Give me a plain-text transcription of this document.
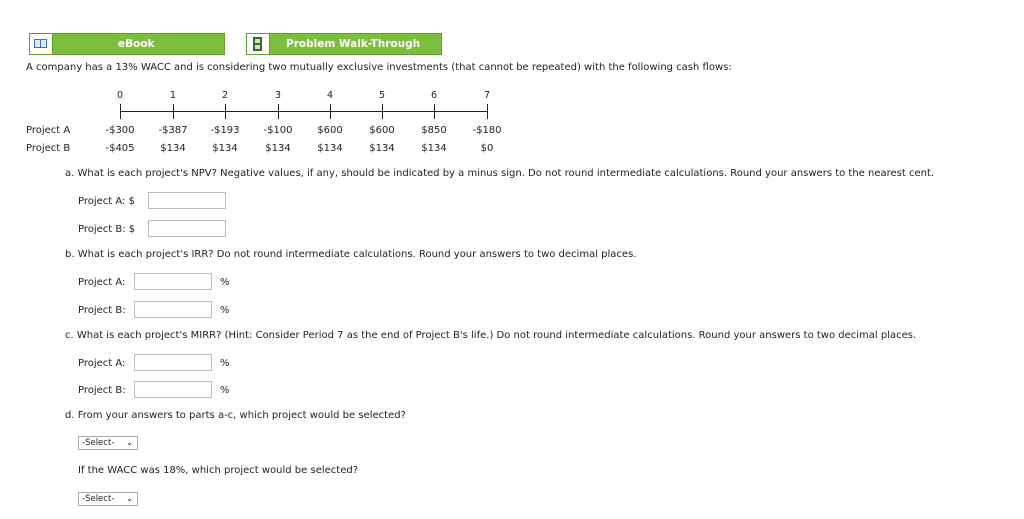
eBook	Problem Walk-Through
A company has a 13% WACC and is considering two mutually exclusive investments (that cannot be repeated) with the following cash flows:
0	1	2	3	4	5	6	7
Project A	-$300	-$387	-$193	-$100	$600	$600	$850	-$180
Project B	-$405	$134	$134	$134	$134	$134	$134	$0
a. What is each project's NPV? Negative values, if any, should be indicated by a minus sign. Do not round intermediate calculations. Round your answers to the nearest cent.
Project A: $
Project B: $
b. What is each project's IRR? Do not round intermediate calculations. Round your answers to two decimal places.
Project A:	%
Project B:	%
c. What is each project's MIRR? (Hint: Consider Period 7 as the end of Project B's life.) Do not round intermediate calculations. Round your answers to two decimal places.
Project A:	%
Project B:	%
d. From your answers to parts a-c, which project would be selected?
-Select- ⌄
If the WACC was 18%, which project would be selected?
-Select- ⌄
